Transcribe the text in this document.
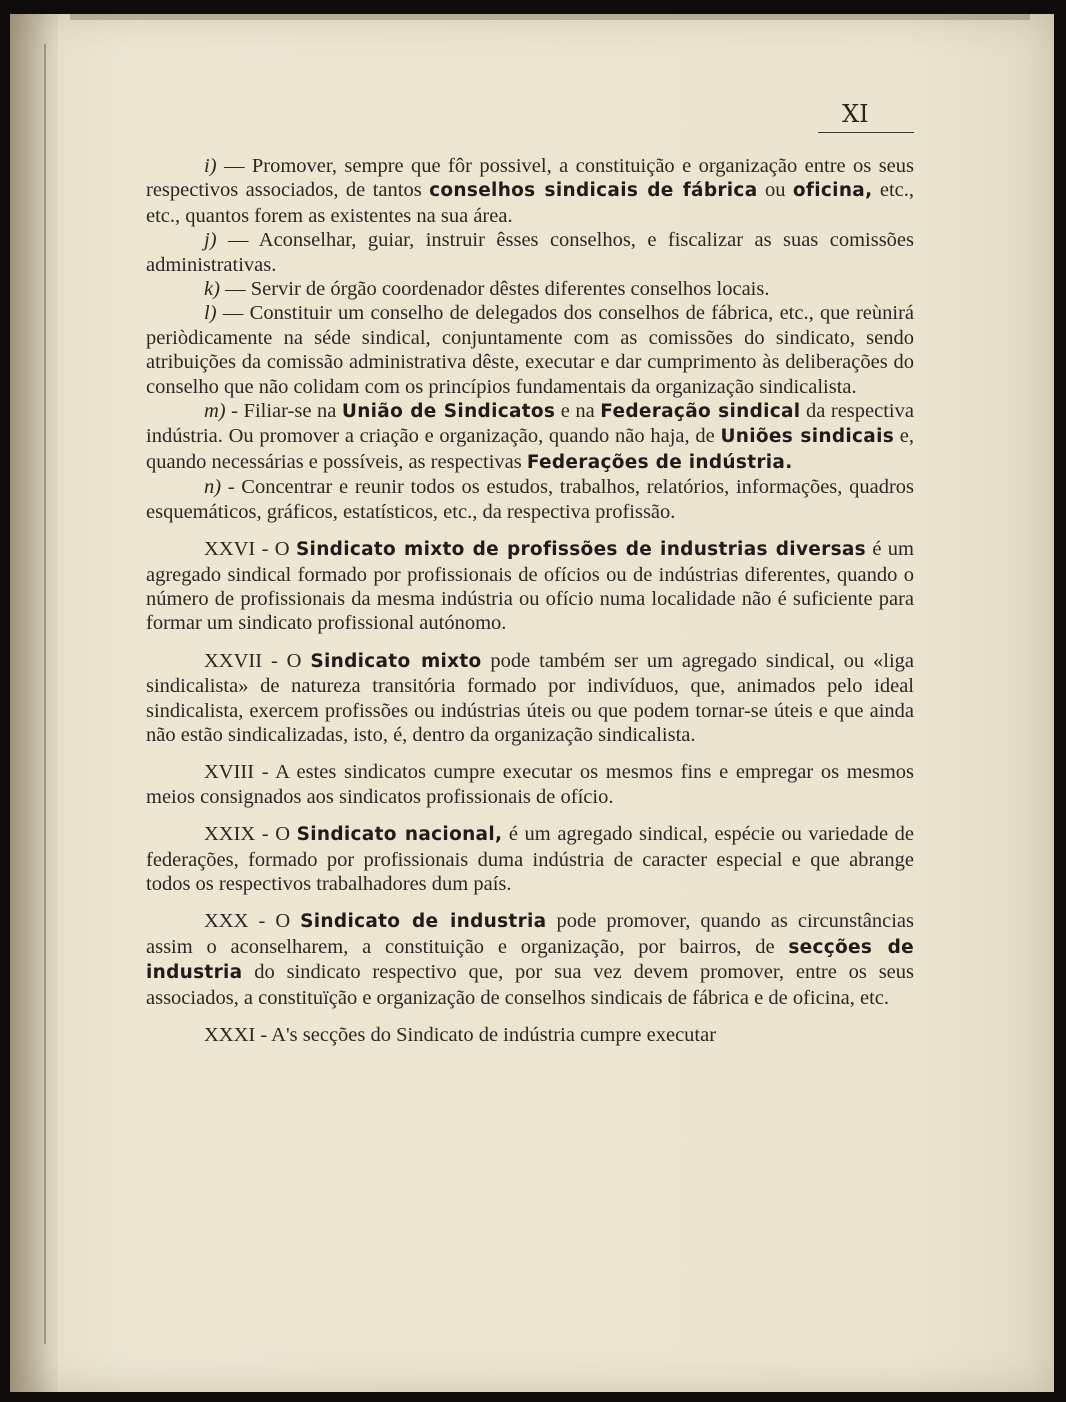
XI

i) — Promover, sempre que fôr possivel, a constituição e organização entre os seus respectivos associados, de tantos conselhos sindicais de fábrica ou oficina, etc., etc., quantos forem as existentes na sua área.

j) — Aconselhar, guiar, instruir êsses conselhos, e fiscalizar as suas comissões administrativas.

k) — Servir de órgão coordenador dêstes diferentes conselhos locais.

l) — Constituir um conselho de delegados dos conselhos de fábrica, etc., que reùnirá periòdicamente na séde sindical, conjuntamente com as comissões do sindicato, sendo atribuições da comissão administrativa dêste, executar e dar cumprimento às deliberações do conselho que não colidam com os princípios fundamentais da organização sindicalista.

m) - Filiar-se na União de Sindicatos e na Federação sindical da respectiva indústria. Ou promover a criação e organização, quando não haja, de Uniões sindicais e, quando necessárias e possíveis, as respectivas Federações de indústria.

n) - Concentrar e reunir todos os estudos, trabalhos, relatórios, informações, quadros esquemáticos, gráficos, estatísticos, etc., da respectiva profissão.

XXVI - O Sindicato mixto de profissões de industrias diversas é um agregado sindical formado por profissionais de ofícios ou de indústrias diferentes, quando o número de profissionais da mesma indústria ou ofício numa localidade não é suficiente para formar um sindicato profissional autónomo.

XXVII - O Sindicato mixto pode também ser um agregado sindical, ou «liga sindicalista» de natureza transitória formado por indivíduos, que, animados pelo ideal sindicalista, exercem profissões ou indústrias úteis ou que podem tornar-se úteis e que ainda não estão sindicalizadas, isto, é, dentro da organização sindicalista.

XVIII - A estes sindicatos cumpre executar os mesmos fins e empregar os mesmos meios consignados aos sindicatos profissionais de ofício.

XXIX - O Sindicato nacional, é um agregado sindical, espécie ou variedade de federações, formado por profissionais duma indústria de caracter especial e que abrange todos os respectivos trabalhadores dum país.

XXX - O Sindicato de industria pode promover, quando as circunstâncias assim o aconselharem, a constituição e organização, por bairros, de secções de industria do sindicato respectivo que, por sua vez devem promover, entre os seus associados, a constituïção e organização de conselhos sindicais de fábrica e de oficina, etc.

XXXI - A's secções do Sindicato de indústria cumpre executar
